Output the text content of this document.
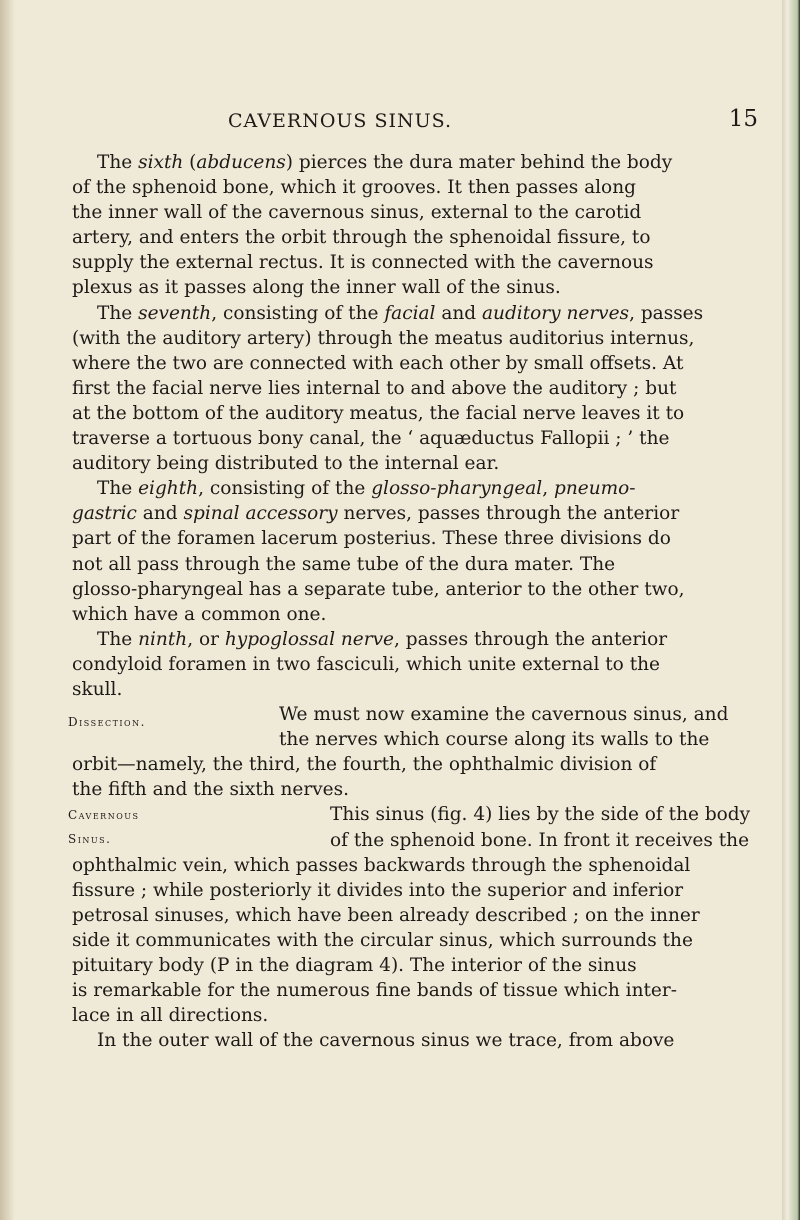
CAVERNOUS SINUS.	15
The sixth (abducens) pierces the dura mater behind the body
of the sphenoid bone, which it grooves. It then passes along
the inner wall of the cavernous sinus, external to the carotid
artery, and enters the orbit through the sphenoidal fissure, to
supply the external rectus. It is connected with the cavernous
plexus as it passes along the inner wall of the sinus.
The seventh, consisting of the facial and auditory nerves, passes
(with the auditory artery) through the meatus auditorius internus,
where the two are connected with each other by small offsets. At
first the facial nerve lies internal to and above the auditory ; but
at the bottom of the auditory meatus, the facial nerve leaves it to
traverse a tortuous bony canal, the ‘ aquæductus Fallopii ; ’ the
auditory being distributed to the internal ear.
The eighth, consisting of the glosso-pharyngeal, pneumo-
gastric and spinal accessory nerves, passes through the anterior
part of the foramen lacerum posterius. These three divisions do
not all pass through the same tube of the dura mater. The
glosso-pharyngeal has a separate tube, anterior to the other two,
which have a common one.
The ninth, or hypoglossal nerve, passes through the anterior
condyloid foramen in two fasciculi, which unite external to the
skull.
Dissection.	We must now examine the cavernous sinus, and
the nerves which course along its walls to the
orbit—namely, the third, the fourth, the ophthalmic division of
the fifth and the sixth nerves.
Cavernous
Sinus.
This sinus (fig. 4) lies by the side of the body
of the sphenoid bone. In front it receives the
ophthalmic vein, which passes backwards through the sphenoidal
fissure ; while posteriorly it divides into the superior and inferior
petrosal sinuses, which have been already described ; on the inner
side it communicates with the circular sinus, which surrounds the
pituitary body (P in the diagram 4). The interior of the sinus
is remarkable for the numerous fine bands of tissue which inter-
lace in all directions.
In the outer wall of the cavernous sinus we trace, from above
